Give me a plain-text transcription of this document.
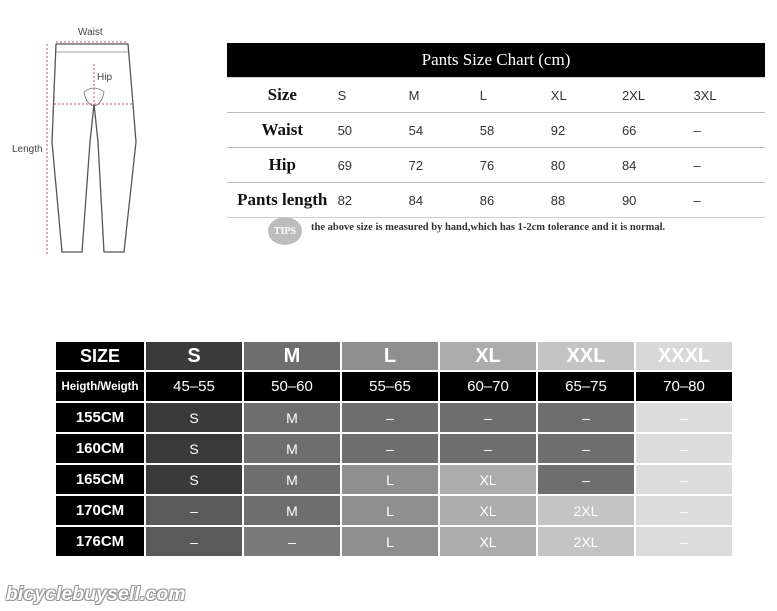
Waist
Hip
Length
Pants Size Chart (cm)						
Size	S	M	L	XL	2XL	3XL
Waist	50	54	58	92	66	–
Hip	69	72	76	80	84	–
Pants length	82	84	86	88	90	–
TIPS	the above size is measured by hand,which has 1-2cm tolerance and it is normal.
SIZE	S	M	L	XL	XXL	XXXL
Heigth/Weigth	45–55	50–60	55–65	60–70	65–75	70–80
155CM	S	M	–	–	–	–
160CM	S	M	–	–	–	–
165CM	S	M	L	XL	–	–
170CM	–	M	L	XL	2XL	–
176CM	–	–	L	XL	2XL	–
bicyclebuysell.com
